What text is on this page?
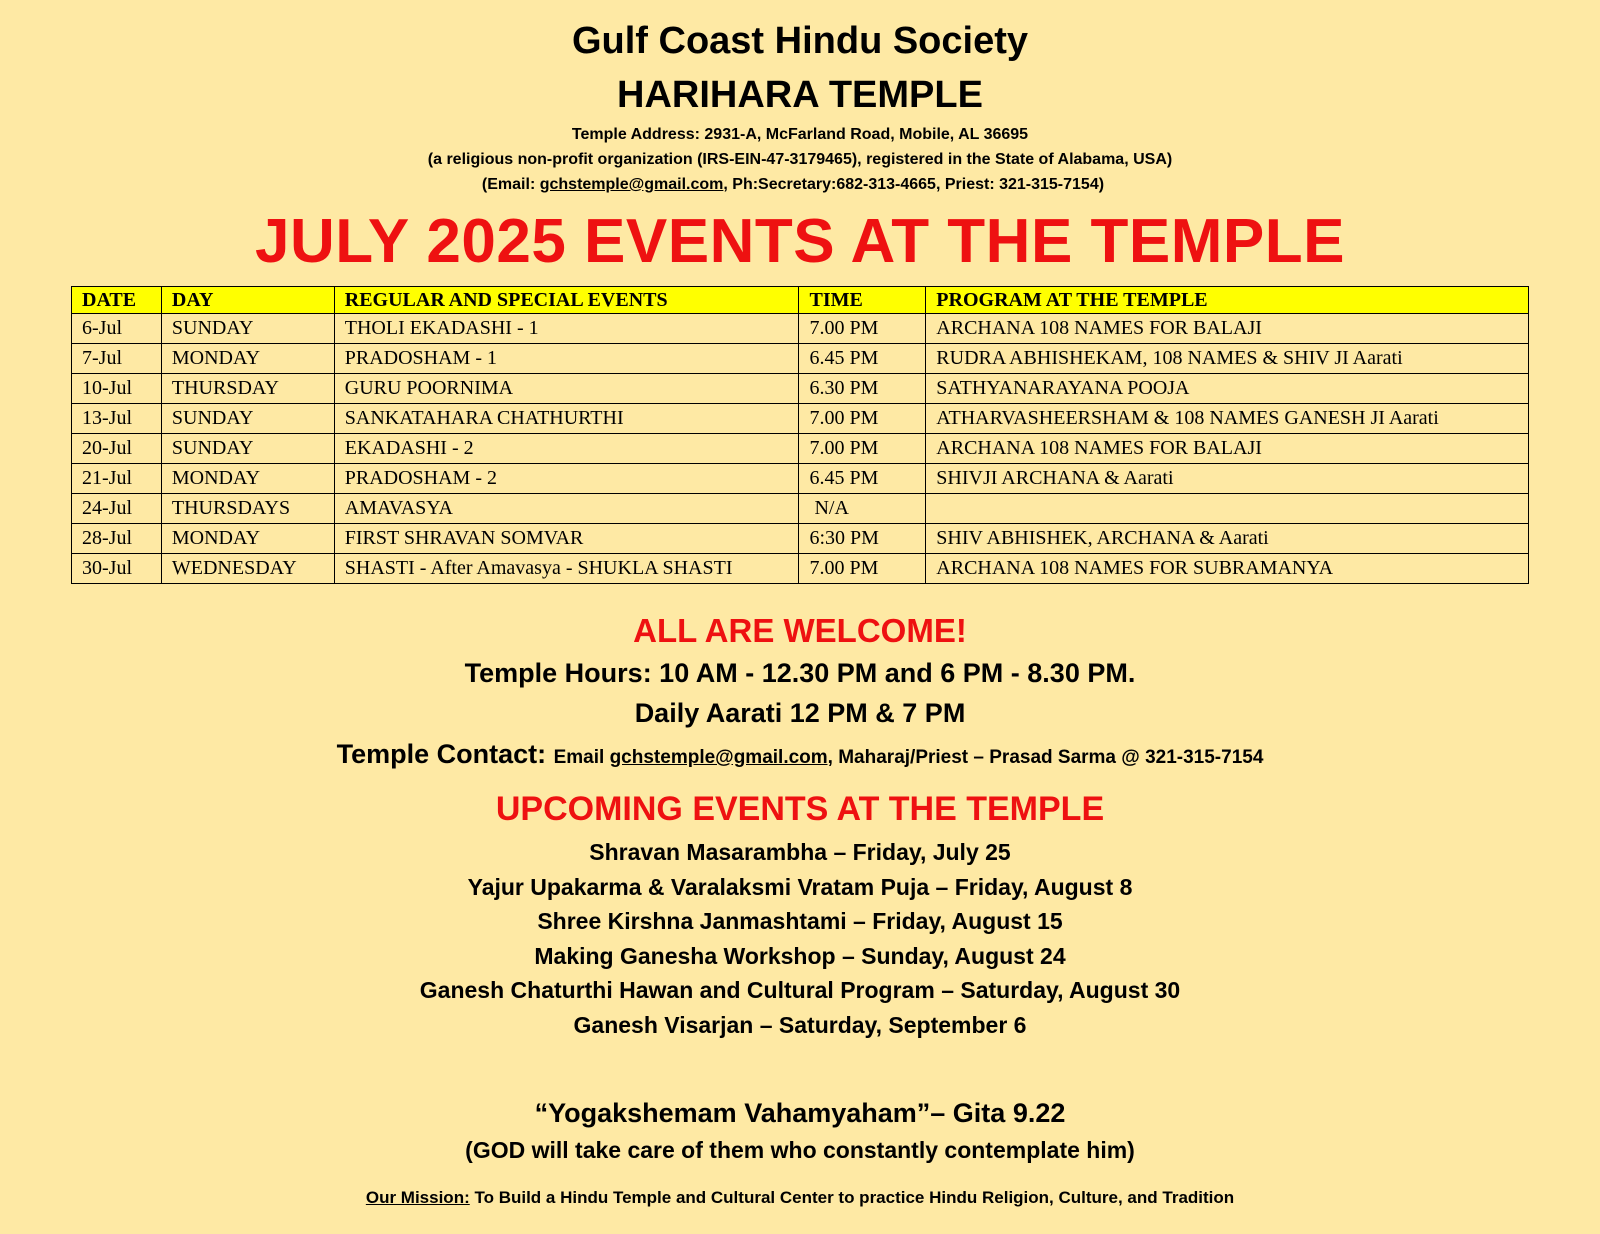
Gulf Coast Hindu Society
HARIHARA TEMPLE
Temple Address: 2931-A, McFarland Road, Mobile, AL 36695
(a religious non-profit organization (IRS-EIN-47-3179465), registered in the State of Alabama, USA)
(Email: gchstemple@gmail.com, Ph:Secretary:682-313-4665, Priest: 321-315-7154)
JULY 2025 EVENTS AT THE TEMPLE
DATE	DAY	REGULAR AND SPECIAL EVENTS	TIME	PROGRAM AT THE TEMPLE
6-Jul	SUNDAY	THOLI EKADASHI - 1	7.00 PM	ARCHANA 108 NAMES FOR BALAJI
7-Jul	MONDAY	PRADOSHAM - 1	6.45 PM	RUDRA ABHISHEKAM, 108 NAMES & SHIV JI Aarati
10-Jul	THURSDAY	GURU POORNIMA	6.30 PM	SATHYANARAYANA POOJA
13-Jul	SUNDAY	SANKATAHARA CHATHURTHI	7.00 PM	ATHARVASHEERSHAM & 108 NAMES GANESH JI Aarati
20-Jul	SUNDAY	EKADASHI - 2	7.00 PM	ARCHANA 108 NAMES FOR BALAJI
21-Jul	MONDAY	PRADOSHAM - 2	6.45 PM	SHIVJI ARCHANA & Aarati
24-Jul	THURSDAYS	AMAVASYA	N/A	
28-Jul	MONDAY	FIRST SHRAVAN SOMVAR	6:30 PM	SHIV ABHISHEK, ARCHANA & Aarati
30-Jul	WEDNESDAY	SHASTI - After Amavasya - SHUKLA SHASTI	7.00 PM	ARCHANA 108 NAMES FOR SUBRAMANYA
ALL ARE WELCOME!
Temple Hours: 10 AM - 12.30 PM and 6 PM - 8.30 PM.
Daily Aarati 12 PM & 7 PM
Temple Contact: Email gchstemple@gmail.com, Maharaj/Priest – Prasad Sarma @ 321-315-7154
UPCOMING EVENTS AT THE TEMPLE
Shravan Masarambha – Friday, July 25
Yajur Upakarma & Varalaksmi Vratam Puja – Friday, August 8
Shree Kirshna Janmashtami – Friday, August 15
Making Ganesha Workshop – Sunday, August 24
Ganesh Chaturthi Hawan and Cultural Program – Saturday, August 30
Ganesh Visarjan – Saturday, September 6
“Yogakshemam Vahamyaham”– Gita 9.22
(GOD will take care of them who constantly contemplate him)
Our Mission: To Build a Hindu Temple and Cultural Center to practice Hindu Religion, Culture, and Tradition
